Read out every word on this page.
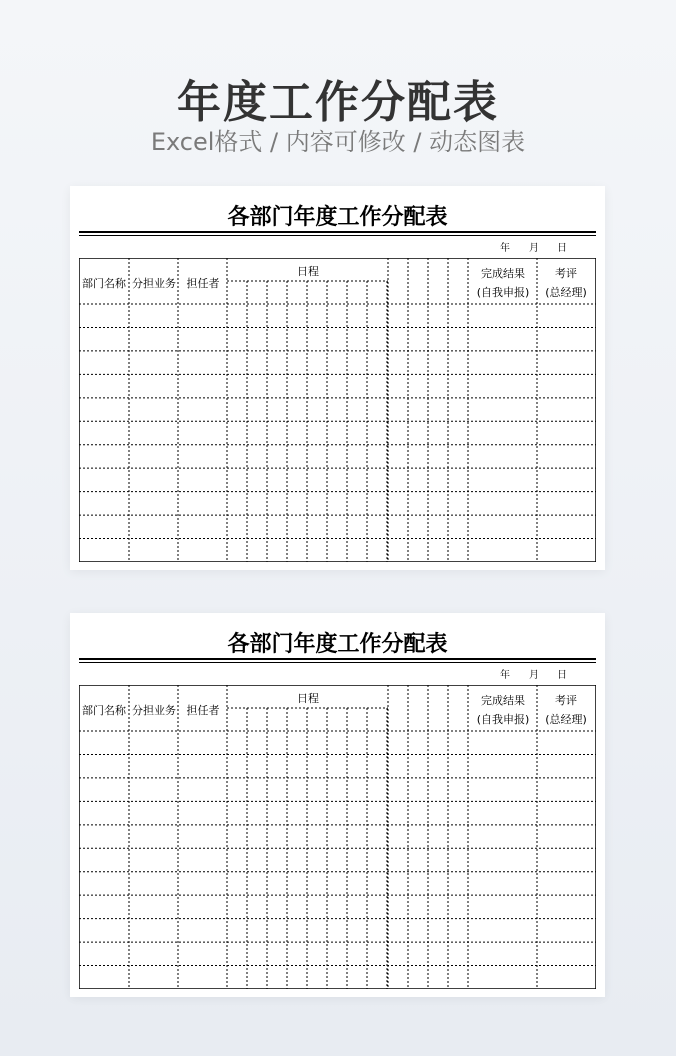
年度工作分配表
Excel格式 / 内容可修改 / 动态图表
各部门年度工作分配表
年 月 日
部门名称 分担业务 担任者
日程	完成结果
(自我申报)
考评
(总经理)
各部门年度工作分配表
年 月 日
部门名称 分担业务 担任者
日程	完成结果
(自我申报)
考评
(总经理)
